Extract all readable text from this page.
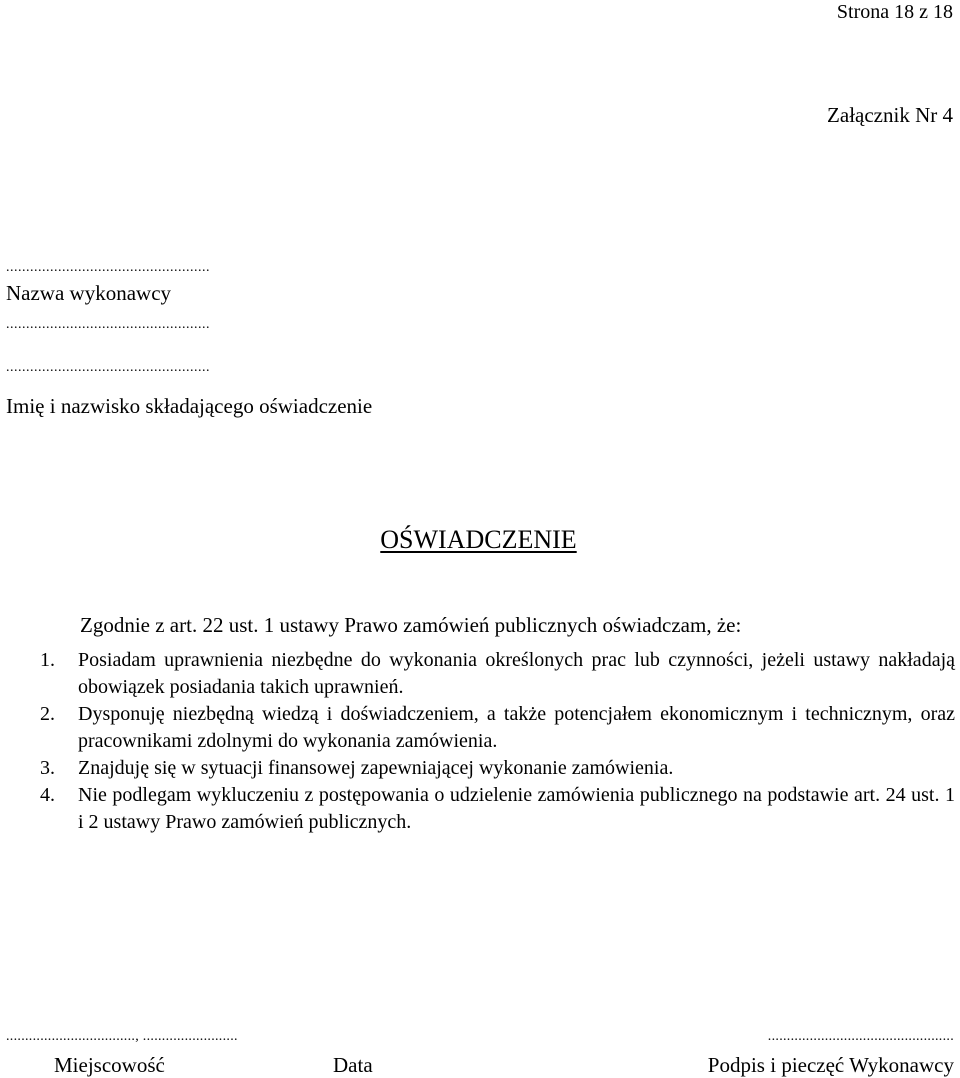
Strona 18 z 18
Załącznik Nr 4
...................................................
Nazwa wykonawcy
...................................................
...................................................
Imię i nazwisko składającego oświadczenie
OŚWIADCZENIE
Zgodnie z art. 22 ust. 1 ustawy Prawo zamówień publicznych oświadczam, że:
1. Posiadam uprawnienia niezbędne do wykonania określonych prac lub czynności, jeżeli ustawy nakładają obowiązek posiadania takich uprawnień.
2. Dysponuję niezbędną wiedzą i doświadczeniem, a także potencjałem ekonomicznym i technicznym, oraz pracownikami zdolnymi do wykonania zamówienia.
3. Znajduję się w sytuacji finansowej zapewniającej wykonanie zamówienia.
4. Nie podlegam wykluczeniu z postępowania o udzielenie zamówienia publicznego na podstawie art. 24 ust. 1 i 2 ustawy Prawo zamówień publicznych.
.................................., .........................	.................................................
Miejscowość	Data	Podpis i pieczęć Wykonawcy
